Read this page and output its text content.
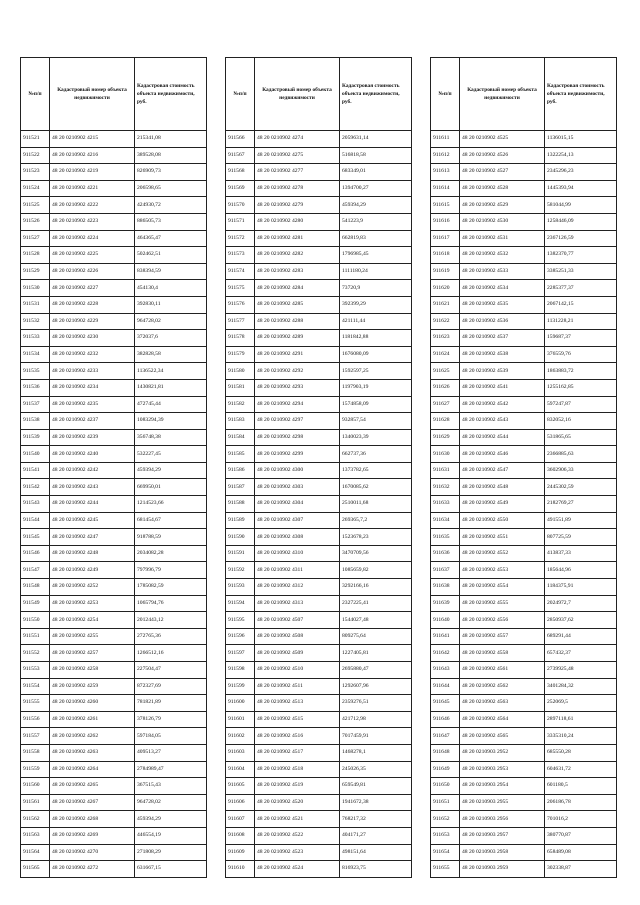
№п/п	Кадастровый номер объекта недвижимости	Кадастровая стоимость объекта недвижимости, руб.
911521	48 20 0210902 4215	215341,08
911522	48 20 0210902 4216	389528,08
911523	48 20 0210902 4219	826909,73
911524	48 20 0210902 4221	206598,65
911525	48 20 0210902 4222	424930,72
911526	48 20 0210902 4223	886505,73
911527	48 20 0210902 4224	464365,47
911528	48 20 0210902 4225	502462,51
911529	48 20 0210902 4226	838394,59
911530	48 20 0210902 4227	454130,4
911531	48 20 0210902 4228	392830,11
911532	48 20 0210902 4229	964728,02
911533	48 20 0210902 4230	372037,6
911534	48 20 0210902 4232	382828,58
911535	48 20 0210902 4233	1136522,34
911536	48 20 0210902 4234	1430821,81
911537	48 20 0210902 4235	472745,44
911538	48 20 0210902 4237	1083294,39
911539	48 20 0210902 4239	356748,38
911540	48 20 0210902 4240	532227,45
911541	48 20 0210902 4242	459394,29
911542	48 20 0210902 4243	669950,01
911543	48 20 0210902 4244	1214523,66
911544	48 20 0210902 4245	681454,67
911545	48 20 0210902 4247	918788,59
911546	48 20 0210902 4248	2034082,28
911547	48 20 0210902 4249	797996,79
911548	48 20 0210902 4252	1785082,59
911549	48 20 0210902 4253	1065794,76
911550	48 20 0210902 4254	2012443,12
911551	48 20 0210902 4255	272765,36
911552	48 20 0210902 4257	1266512,16
911553	48 20 0210902 4258	227504,47
911554	48 20 0210902 4259	872327,69
911555	48 20 0210902 4260	781821,89
911556	48 20 0210902 4261	378126,79
911557	48 20 0210902 4262	597184,05
911558	48 20 0210902 4263	409513,27
911559	48 20 0210902 4264	2784989,47
911560	48 20 0210902 4265	367515,43
911561	48 20 0210902 4267	964728,02
911562	48 20 0210902 4268	459394,29
911563	48 20 0210902 4269	446554,19
911564	48 20 0210902 4270	271808,29
911565	48 20 0210902 4272	631667,15
№п/п	Кадастровый номер объекта недвижимости	Кадастровая стоимость объекта недвижимости, руб.
911566	48 20 0210902 4274	2059631,14
911567	48 20 0210902 4275	516818,58
911568	48 20 0210902 4277	683349,01
911569	48 20 0210902 4278	1394700,27
911570	48 20 0210902 4279	459394,29
911571	48 20 0210902 4280	541223,9
911572	48 20 0210902 4281	662819,83
911573	48 20 0210902 4282	1796985,45
911574	48 20 0210902 4283	1111180,24
911575	48 20 0210902 4284	73720,9
911576	48 20 0210902 4285	392399,29
911577	48 20 0210902 4288	421111,44
911578	48 20 0210902 4289	1181842,88
911579	48 20 0210902 4291	1676080,09
911580	48 20 0210902 4292	1592597,25
911581	48 20 0210902 4293	1197903,19
911582	48 20 0210902 4294	1574858,09
911583	48 20 0210902 4297	932857,54
911584	48 20 0210902 4298	1340023,39
911585	48 20 0210902 4299	662737,36
911586	48 20 0210902 4300	1373782,65
911587	48 20 0210902 4303	1670085,62
911588	48 20 0210902 4304	2510011,68
911589	48 20 0210902 4307	269365,7,2
911590	48 20 0210902 4308	1523678,23
911591	48 20 0210902 4310	3470709,56
911592	48 20 0210902 4311	1085659,82
911593	48 20 0210902 4312	3292166,16
911594	48 20 0210902 4313	2327225,41
911595	48 20 0210902 4507	1544027,48
911596	48 20 0210902 4508	809275,64
911597	48 20 0210902 4509	1227405,81
911598	48 20 0210902 4510	2695880,47
911599	48 20 0210902 4511	1292607,96
911600	48 20 0210902 4513	2359276,51
911601	48 20 0210902 4515	421712,98
911602	48 20 0210902 4516	7017459,91
911603	48 20 0210902 4517	1468278,1
911604	48 20 0210902 4518	245026,35
911605	48 20 0210902 4519	659549,81
911606	48 20 0210902 4520	1941672,38
911607	48 20 0210902 4521	768217,32
911608	48 20 0210902 4522	404171,27
911609	48 20 0210902 4523	498151,64
911610	48 20 0210902 4524	816923,75
№п/п	Кадастровый номер объекта недвижимости	Кадастровая стоимость объекта недвижимости, руб.
911611	48 20 0210902 4525	1136015,15
911612	48 20 0210902 4526	1322254,13
911613	48 20 0210902 4527	2345296,23
911614	48 20 0210902 4528	1445393,94
911615	48 20 0210902 4529	581044,99
911616	48 20 0210902 4530	1258446,09
911617	48 20 0210902 4531	2367126,59
911618	48 20 0210902 4532	1382370,77
911619	48 20 0210902 4533	3385251,33
911620	48 20 0210902 4534	2285377,37
911621	48 20 0210902 4535	2067142,15
911622	48 20 0210902 4536	1131228,21
911623	48 20 0210902 4537	159687,37
911624	48 20 0210902 4538	376559,76
911625	48 20 0210902 4539	1863883,72
911626	48 20 0210902 4541	1255162,85
911627	48 20 0210902 4542	597247,87
911628	48 20 0210902 4543	832052,16
911629	48 20 0210902 4544	531865,65
911630	48 20 0210902 4546	2366885,63
911631	48 20 0210902 4547	3602906,33
911632	48 20 0210902 4548	2445302,59
911633	48 20 0210902 4549	2182769,27
911634	48 20 0210902 4550	491551,89
911635	48 20 0210902 4551	807725,59
911636	48 20 0210902 4552	413837,33
911637	48 20 0210902 4553	185644,96
911638	48 20 0210902 4554	1184375,91
911639	48 20 0210902 4555	2024972,7
911640	48 20 0210902 4556	2850937,62
911641	48 20 0210902 4557	689291,44
911642	48 20 0210902 4558	657432,37
911643	48 20 0210902 4561	2739925,48
911644	48 20 0210902 4562	3401284,32
911645	48 20 0210902 4563	252069,5
911646	48 20 0210902 4564	2897118,61
911647	48 20 0210902 4565	3335310,24
911648	48 20 0210903 2952	685550,28
911649	48 20 0210903 2953	604631,72
911650	48 20 0210903 2954	601180,5
911651	48 20 0210903 2955	206186,78
911652	48 20 0210903 2956	701016,2
911653	48 20 0210903 2957	380770,87
911654	48 20 0210903 2958	658489,08
911655	48 20 0210903 2959	302338,87
